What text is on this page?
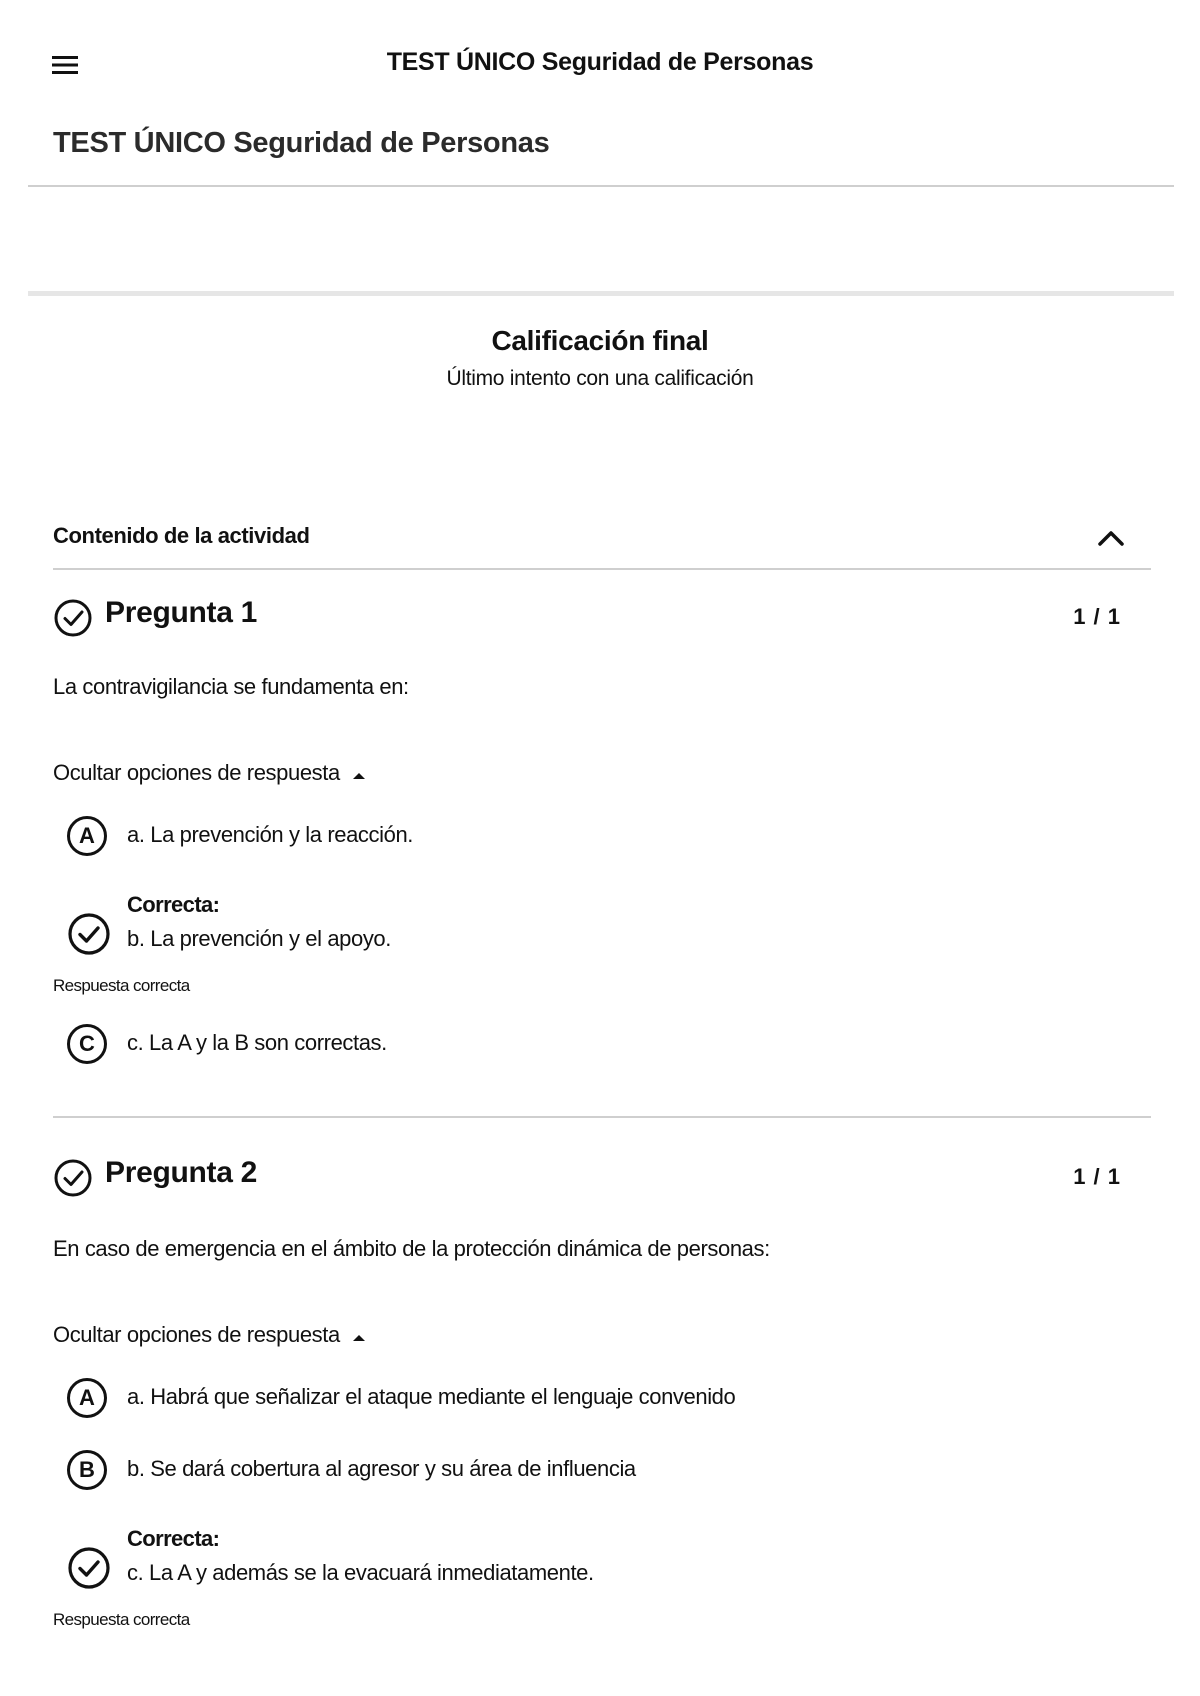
TEST ÚNICO Seguridad de Personas
TEST ÚNICO Seguridad de Personas
Calificación final
Último intento con una calificación
Contenido de la actividad
Pregunta 1	1 / 1
La contravigilancia se fundamenta en:
Ocultar opciones de respuesta
A	a. La prevención y la reacción.
Correcta:
b. La prevención y el apoyo.
Respuesta correcta
C	c. La A y la B son correctas.
Pregunta 2	1 / 1
En caso de emergencia en el ámbito de la protección dinámica de personas:
Ocultar opciones de respuesta
A	a. Habrá que señalizar el ataque mediante el lenguaje convenido
B	b. Se dará cobertura al agresor y su área de influencia
Correcta:
c. La A y además se la evacuará inmediatamente.
Respuesta correcta
